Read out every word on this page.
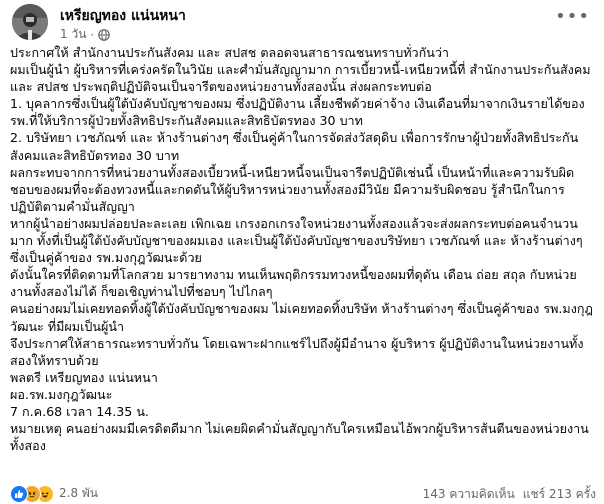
เหรียญทอง แน่นหนา
1 วัน ·
•••

ประกาศให้ สำนักงานประกันสังคม และ สปสช ตลอดจนสาธารณชนทราบทั่วกันว่า

ผมเป็นผู้นำ ผู้บริหารที่เคร่งครัดในวินัย และศำมั่นสัญญามาก การเบี้ยวหนี้-เหนียวหนี้ที่ สำนักงานประกันสังคม และ สปสช ประพฤติปฏิบัติจนเป็นจารีตของหน่วยงานทั้งสองนั้น ส่งผลกระทบต่อ

1. บุคลากรซึ่งเป็นผู้ใต้บังคับบัญชาของผม ซึ่งปฏิบัติงาน เลี้ยงชีพด้วยค่าจ้าง เงินเดือนที่มาจากเงินรายได้ของ รพ.ที่ให้บริการผู้ป่วยทั้งสิทธิประกันสังคมและสิทธิบัตรทอง 30 บาท

2. บริษัทยา เวชภัณฑ์ และ ห้างร้านต่างๆ ซึ่งเป็นคู่ค้าในการจัดส่งวัสดุดิบ เพื่อการรักษาผู้ป่วยทั้งสิทธิประกัน สังคมและสิทธิบัตรทอง 30 บาท

ผลกระทบจากการที่หน่วยงานทั้งสองเบี้ยวหนี้-เหนียวหนี้จนเป็นจารีตปฏิบัติเช่นนี้ เป็นหน้าที่และความรับผิดชอบของผมที่จะต้องทวงหนี้และกดดันให้ผู้บริหารหน่วยงานทั้งสองมีวินัย มีความรับผิดชอบ รู้สำนึกในการปฏิบัติตามคำมั่นสัญญา

หากผู้นำอย่างผมปล่อยปละละเลย เพิกเฉย เกรงอกเกรงใจหน่วยงานทั้งสองแล้วจะส่งผลกระทบต่อคนจำนวนมาก ทั้งที่เป็นผู้ใต้บังคับบัญชาของผมเอง และเป็นผู้ใต้บังคับบัญชาของบริษัทยา เวชภัณฑ์ และ ห้างร้านต่างๆ ซึ่งเป็นคู่ค้าของ รพ.มงกุฎวัฒนะด้วย

ดังนั้นใครที่ติดตามที่โลกสวย มารยาทงาม ทนเห็นพฤติกรรมทวงหนี้ของผมที่ดุดัน เดือน ถ่อย สถุล กับหน่วยงานทั้งสองไม่ได้ ก็ขอเชิญท่านไปที่ชอบๆ ไปไกลๆ

คนอย่างผมไม่เคยทอดทิ้งผู้ใต้บังคับบัญชาของผม ไม่เคยทอดทิ้งบริษัท ห้างร้านต่างๆ ซึ่งเป็นคู่ค้าของ รพ.มงกุฎวัฒนะ ที่มีผมเป็นผู้นำ

จึงประกาศให้สาธารณะทราบทั่วกัน โดยเฉพาะฝากแชร์ไปถึงผู้มีอำนาจ ผู้บริหาร ผู้ปฏิบัติงานในหน่วยงานทั้งสองให้ทราบด้วย

พลตรี เหรียญทอง แน่นหนา

ผอ.รพ.มงกุฎวัฒนะ

7 ก.ค.68 เวลา 14.35 น.

หมายเหตุ คนอย่างผมมีเครดิตดีมาก ไม่เคยผิดคำมั่นสัญญากับใครเหมือนไอ้พวกผู้บริหารส้นตีนของหน่วยงานทั้งสอง

2.8 พัน	143 ความคิดเห็น แชร์ 213 ครั้ง
